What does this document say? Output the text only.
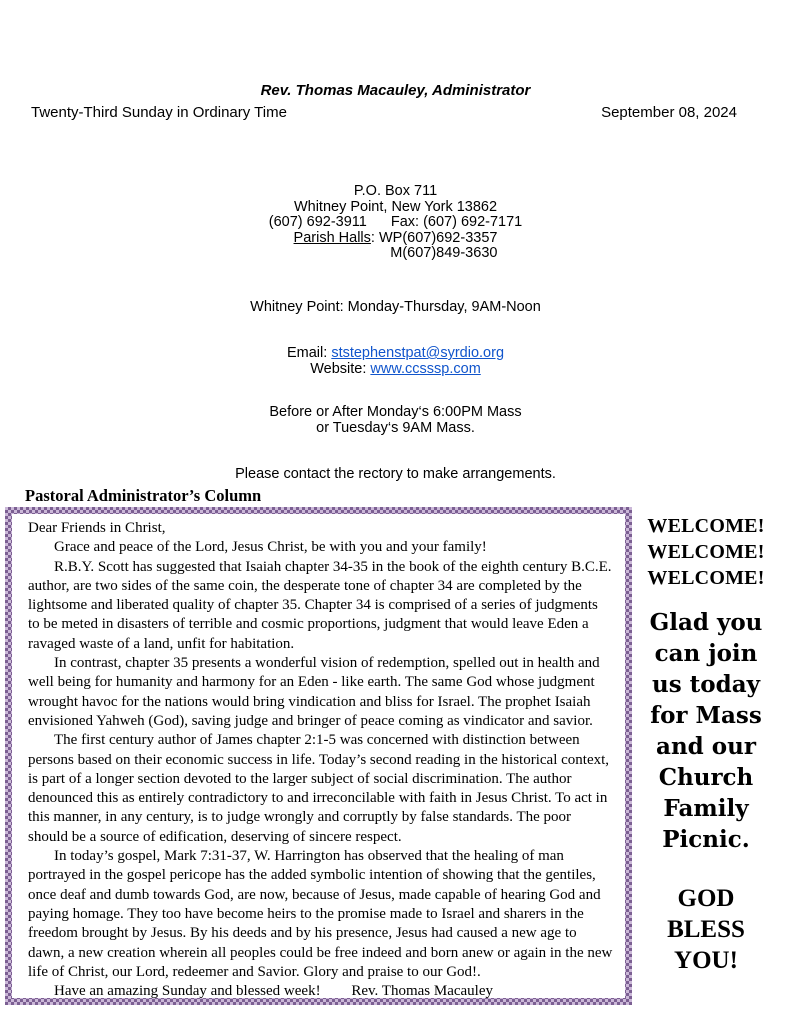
Rev. Thomas Macauley, Administrator
Twenty-Third Sunday in Ordinary Time	September 08, 2024
P.O. Box 711
Whitney Point, New York 13862
(607) 692-3911 Fax: (607) 692-7171
Parish Halls: WP(607)692-3357
M(607)849-3630
Whitney Point: Monday-Thursday, 9AM-Noon
Email: ststephenstpat@syrdio.org
Website: www.ccsssp.com
Before or After Monday‘s 6:00PM Mass
or Tuesday‘s 9AM Mass.
Please contact the rectory to make arrangements.
Pastoral Administrator’s Column

Dear Friends in Christ,

Grace and peace of the Lord, Jesus Christ, be with you and your family!

R.B.Y. Scott has suggested that Isaiah chapter 34-35 in the book of the eighth century B.C.E. author, are two sides of the same coin, the desperate tone of chapter 34 are completed by the lightsome and liberated quality of chapter 35. Chapter 34 is comprised of a series of judgments to be meted in disasters of terrible and cosmic proportions, judgment that would leave Eden a ravaged waste of a land, unfit for habitation.

In contrast, chapter 35 presents a wonderful vision of redemption, spelled out in health and well being for humanity and harmony for an Eden - like earth. The same God whose judgment wrought havoc for the nations would bring vindication and bliss for Israel. The prophet Isaiah envisioned Yahweh (God), saving judge and bringer of peace coming as vindicator and savior.

The first century author of James chapter 2:1-5 was concerned with distinction between persons based on their economic success in life. Today’s second reading in the historical context, is part of a longer section devoted to the larger subject of social discrimination. The author denounced this as entirely contradictory to and irreconcilable with faith in Jesus Christ. To act in this manner, in any century, is to judge wrongly and corruptly by false standards. The poor should be a source of edification, deserving of sincere respect.

In today’s gospel, Mark 7:31-37, W. Harrington has observed that the healing of man portrayed in the gospel pericope has the added symbolic intention of showing that the gentiles, once deaf and dumb towards God, are now, because of Jesus, made capable of hearing God and paying homage. They too have become heirs to the promise made to Israel and sharers in the freedom brought by Jesus. By his deeds and by his presence, Jesus had caused a new age to dawn, a new creation wherein all peoples could be free indeed and born anew or again in the new life of Christ, our Lord, redeemer and Savior. Glory and praise to our God!.

Have an amazing Sunday and blessed week! Rev. Thomas Macauley
WELCOME!
WELCOME!
WELCOME!
Glad you
can join
us today
for Mass
and our
Church
Family
Picnic.
GOD
BLESS
YOU!
